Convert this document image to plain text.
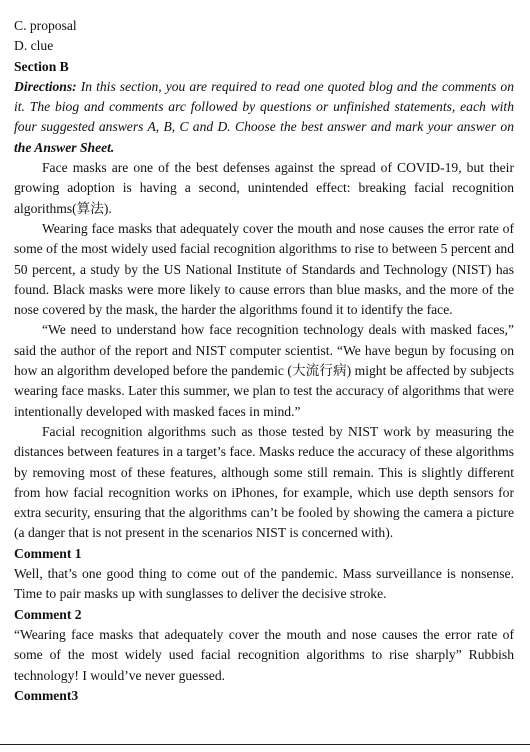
C. proposal
D. clue
Section B

Directions: In this section, you are required to read one quoted blog and the comments on it. The biog and comments arc followed by questions or unfinished statements, each with four suggested answers A, B, C and D. Choose the best answer and mark your answer on the Answer Sheet.

Face masks are one of the best defenses against the spread of COVID-19, but their growing adoption is having a second, unintended effect: breaking facial recognition algorithms(算法).

Wearing face masks that adequately cover the mouth and nose causes the error rate of some of the most widely used facial recognition algorithms to rise to between 5 percent and 50 percent, a study by the US National Institute of Standards and Technology (NIST) has found. Black masks were more likely to cause errors than blue masks, and the more of the nose covered by the mask, the harder the algorithms found it to identify the face.

“We need to understand how face recognition technology deals with masked faces,” said the author of the report and NIST computer scientist. “We have begun by focusing on how an algorithm developed before the pandemic (大流行病) might be affected by subjects wearing face masks. Later this summer, we plan to test the accuracy of algorithms that were intentionally developed with masked faces in mind.”

Facial recognition algorithms such as those tested by NIST work by measuring the distances between features in a target’s face. Masks reduce the accuracy of these algorithms by removing most of these features, although some still remain. This is slightly different from how facial recognition works on iPhones, for example, which use depth sensors for extra security, ensuring that the algorithms can’t be fooled by showing the camera a picture (a danger that is not present in the scenarios NIST is concerned with).

Comment 1

Well, that’s one good thing to come out of the pandemic. Mass surveillance is nonsense. Time to pair masks up with sunglasses to deliver the decisive stroke.

Comment 2

“Wearing face masks that adequately cover the mouth and nose causes the error rate of some of the most widely used facial recognition algorithms to rise sharply” Rubbish technology! I would’ve never guessed.

Comment3
